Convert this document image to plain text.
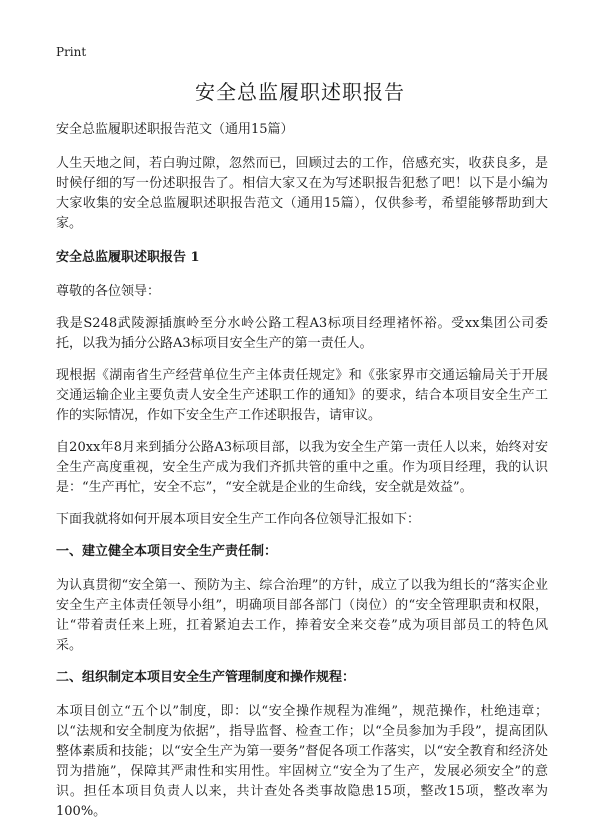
Print
安全总监履职述职报告

安全总监履职述职报告范文（通用15篇）

人生天地之间，若白驹过隙，忽然而已，回顾过去的工作，倍感充实，收获良多，是时候仔细的写一份述职报告了。相信大家又在为写述职报告犯愁了吧！以下是小编为大家收集的安全总监履职述职报告范文（通用15篇），仅供参考，希望能够帮助到大家。

安全总监履职述职报告 1

尊敬的各位领导：

我是S248武陵源插旗岭至分水岭公路工程A3标项目经理褚怀裕。受xx集团公司委托，以我为插分公路A3标项目安全生产的第一责任人。

现根据《湖南省生产经营单位生产主体责任规定》和《张家界市交通运输局关于开展交通运输企业主要负责人安全生产述职工作的通知》的要求，结合本项目安全生产工作的实际情况，作如下安全生产工作述职报告，请审议。

自20xx年8月来到插分公路A3标项目部，以我为安全生产第一责任人以来，始终对安全生产高度重视，安全生产成为我们齐抓共管的重中之重。作为项目经理，我的认识是：“生产再忙，安全不忘”，“安全就是企业的生命线，安全就是效益”。

下面我就将如何开展本项目安全生产工作向各位领导汇报如下：

一、建立健全本项目安全生产责任制：

为认真贯彻“安全第一、预防为主、综合治理”的方针，成立了以我为组长的“落实企业安全生产主体责任领导小组”，明确项目部各部门（岗位）的“安全管理职责和权限，让“带着责任来上班，扛着紧迫去工作，捧着安全来交卷”成为项目部员工的特色风采。

二、组织制定本项目安全生产管理制度和操作规程：

本项目创立“五个以”制度，即：以“安全操作规程为准绳”，规范操作，杜绝违章；以“法规和安全制度为依据”，指导监督、检查工作；以“全员参加为手段”，提高团队整体素质和技能；以“安全生产为第一要务”督促各项工作落实，以“安全教育和经济处罚为措施”，保障其严肃性和实用性。牢固树立“安全为了生产，发展必须安全”的意识。担任本项目负责人以来，共计查处各类事故隐患15项，整改15项，整改率为100%。
